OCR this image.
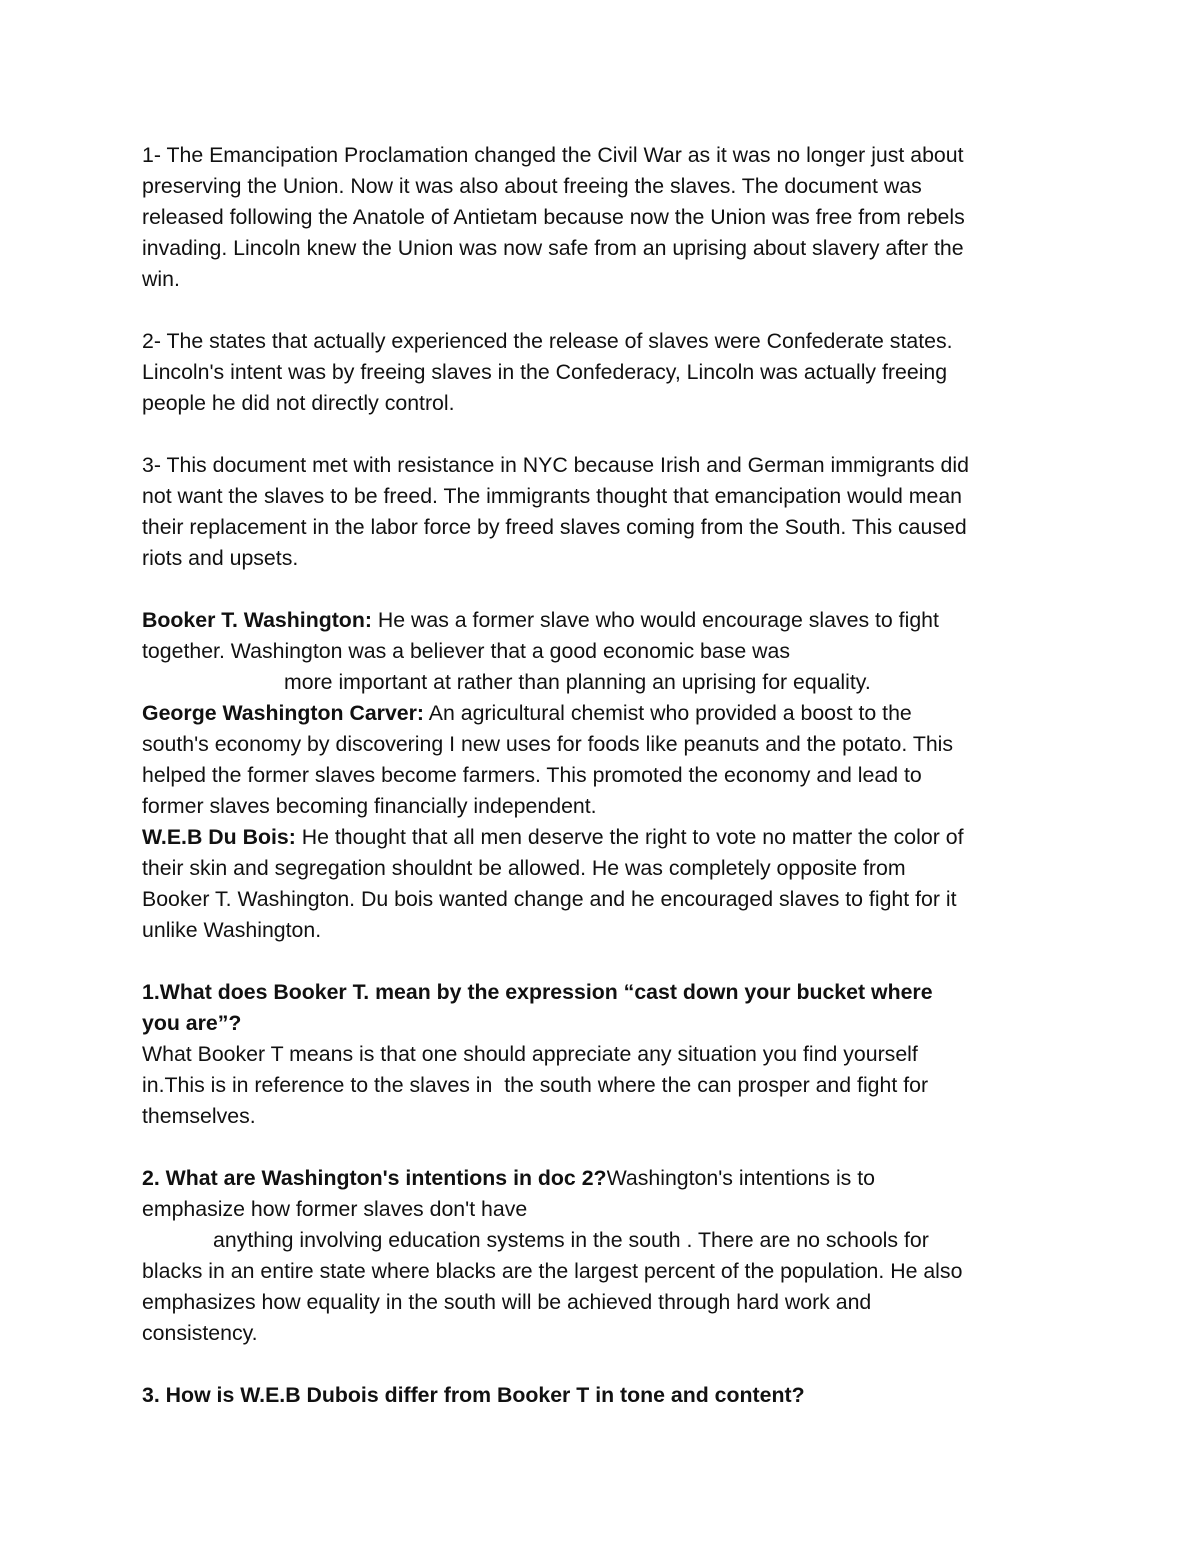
1- The Emancipation Proclamation changed the Civil War as it was no longer just about
preserving the Union. Now it was also about freeing the slaves. The document was
released following the Anatole of Antietam because now the Union was free from rebels
invading. Lincoln knew the Union was now safe from an uprising about slavery after the
win.
2- The states that actually experienced the release of slaves were Confederate states.
Lincoln's intent was by freeing slaves in the Confederacy, Lincoln was actually freeing
people he did not directly control.
3- This document met with resistance in NYC because Irish and German immigrants did
not want the slaves to be freed. The immigrants thought that emancipation would mean
their replacement in the labor force by freed slaves coming from the South. This caused
riots and upsets.
Booker T. Washington: He was a former slave who would encourage slaves to fight
together. Washington was a believer that a good economic base was
more important at rather than planning an uprising for equality.
George Washington Carver: An agricultural chemist who provided a boost to the
south's economy by discovering I new uses for foods like peanuts and the potato. This
helped the former slaves become farmers. This promoted the economy and lead to
former slaves becoming financially independent.
W.E.B Du Bois: He thought that all men deserve the right to vote no matter the color of
their skin and segregation shouldnt be allowed. He was completely opposite from
Booker T. Washington. Du bois wanted change and he encouraged slaves to fight for it
unlike Washington.
1.What does Booker T. mean by the expression “cast down your bucket where
you are”?
What Booker T means is that one should appreciate any situation you find yourself
in.This is in reference to the slaves in  the south where the can prosper and fight for
themselves.
2. What are Washington's intentions in doc 2?Washington's intentions is to
emphasize how former slaves don't have
anything involving education systems in the south . There are no schools for
blacks in an entire state where blacks are the largest percent of the population. He also
emphasizes how equality in the south will be achieved through hard work and
consistency.
3. How is W.E.B Dubois differ from Booker T in tone and content?
